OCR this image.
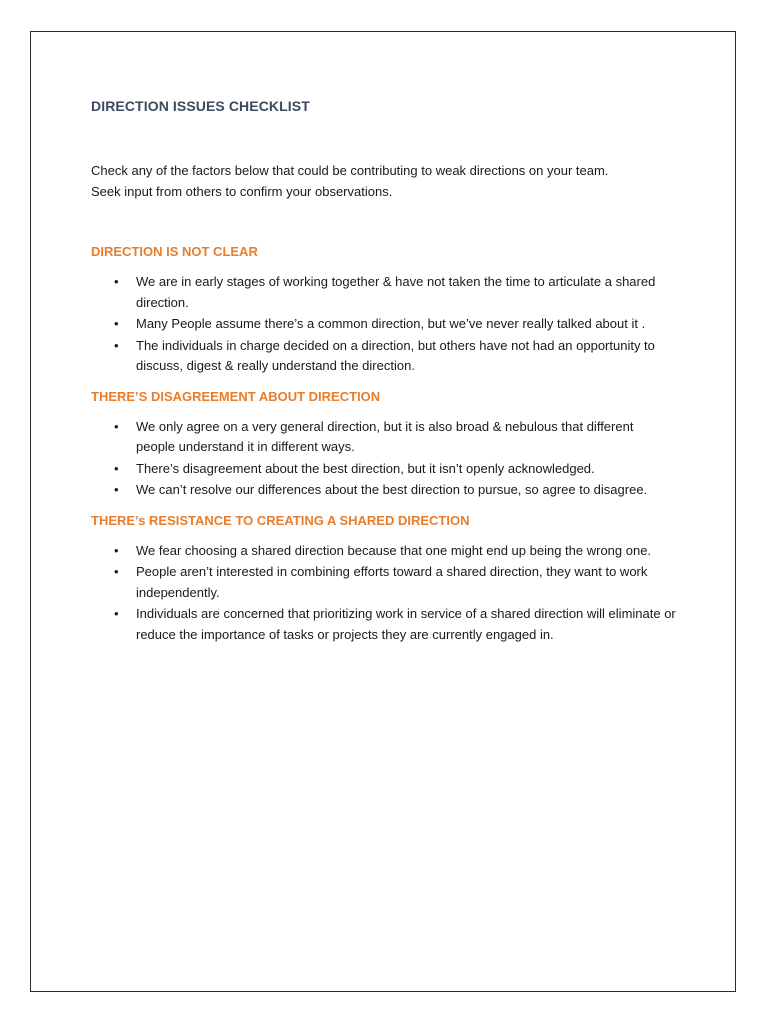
DIRECTION ISSUES CHECKLIST

Check any of the factors below that could be contributing to weak directions on your team.

Seek input from others to confirm your observations.

DIRECTION IS NOT CLEAR
• We are in early stages of working together & have not taken the time to articulate a shared direction.
• Many People assume there’s a common direction, but we’ve never really talked about it .
• The individuals in charge decided on a direction, but others have not had an opportunity to discuss, digest & really understand the direction.
THERE’S DISAGREEMENT ABOUT DIRECTION
• We only agree on a very general direction, but it is also broad & nebulous that different people understand it in different ways.
• There’s disagreement about the best direction, but it isn’t openly acknowledged.
• We can’t resolve our differences about the best direction to pursue, so agree to disagree.
THERE’s RESISTANCE TO CREATING A SHARED DIRECTION
• We fear choosing a shared direction because that one might end up being the wrong one.
• People aren’t interested in combining efforts toward a shared direction, they want to work independently.
• Individuals are concerned that prioritizing work in service of a shared direction will eliminate or reduce the importance of tasks or projects they are currently engaged in.
